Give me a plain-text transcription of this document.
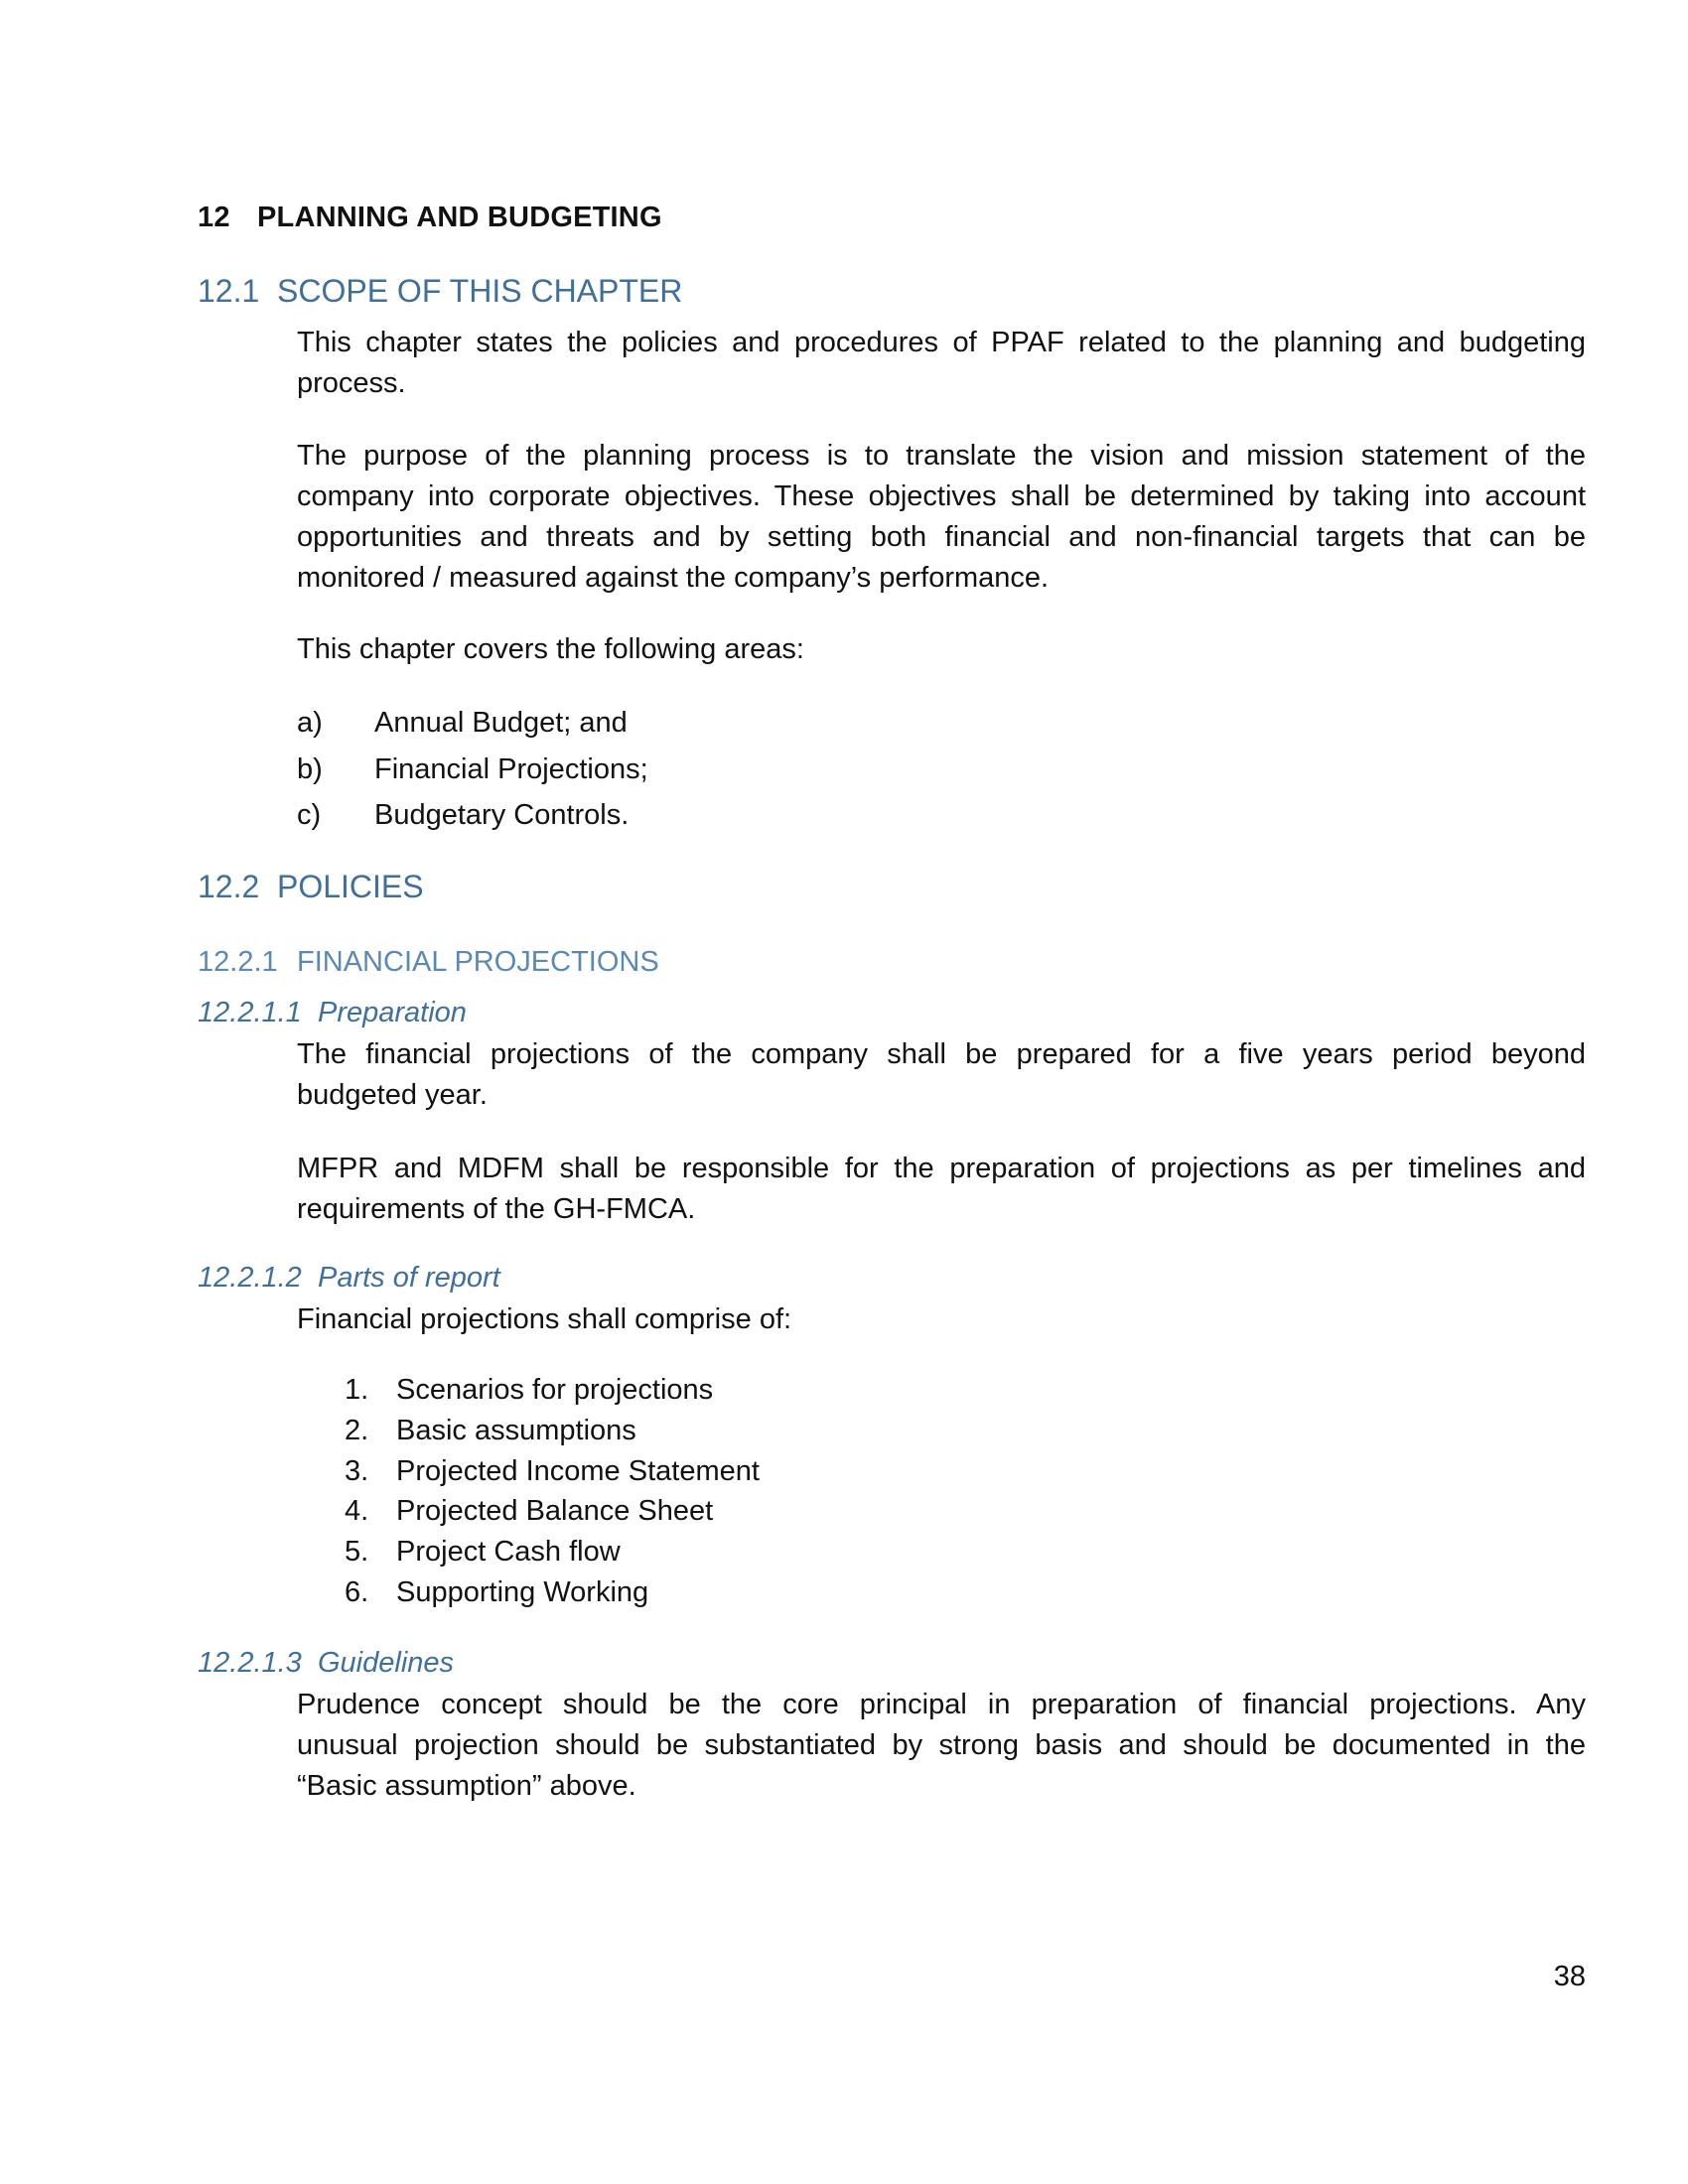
12 PLANNING AND BUDGETING
12.1 SCOPE OF THIS CHAPTER
This chapter states the policies and procedures of PPAF related to the planning and budgeting
process.
The purpose of the planning process is to translate the vision and mission statement of the
company into corporate objectives. These objectives shall be determined by taking into account
opportunities and threats and by setting both financial and non-financial targets that can be
monitored / measured against the company’s performance.
This chapter covers the following areas:
a) Annual Budget; and
b) Financial Projections;
c) Budgetary Controls.
12.2 POLICIES
12.2.1 FINANCIAL PROJECTIONS
12.2.1.1 Preparation
The financial projections of the company shall be prepared for a five years period beyond
budgeted year.
MFPR and MDFM shall be responsible for the preparation of projections as per timelines and
requirements of the GH-FMCA.
12.2.1.2 Parts of report
Financial projections shall comprise of:
1. Scenarios for projections
2. Basic assumptions
3. Projected Income Statement
4. Projected Balance Sheet
5. Project Cash flow
6. Supporting Working
12.2.1.3 Guidelines
Prudence concept should be the core principal in preparation of financial projections. Any
unusual projection should be substantiated by strong basis and should be documented in the
“Basic assumption” above.
38
